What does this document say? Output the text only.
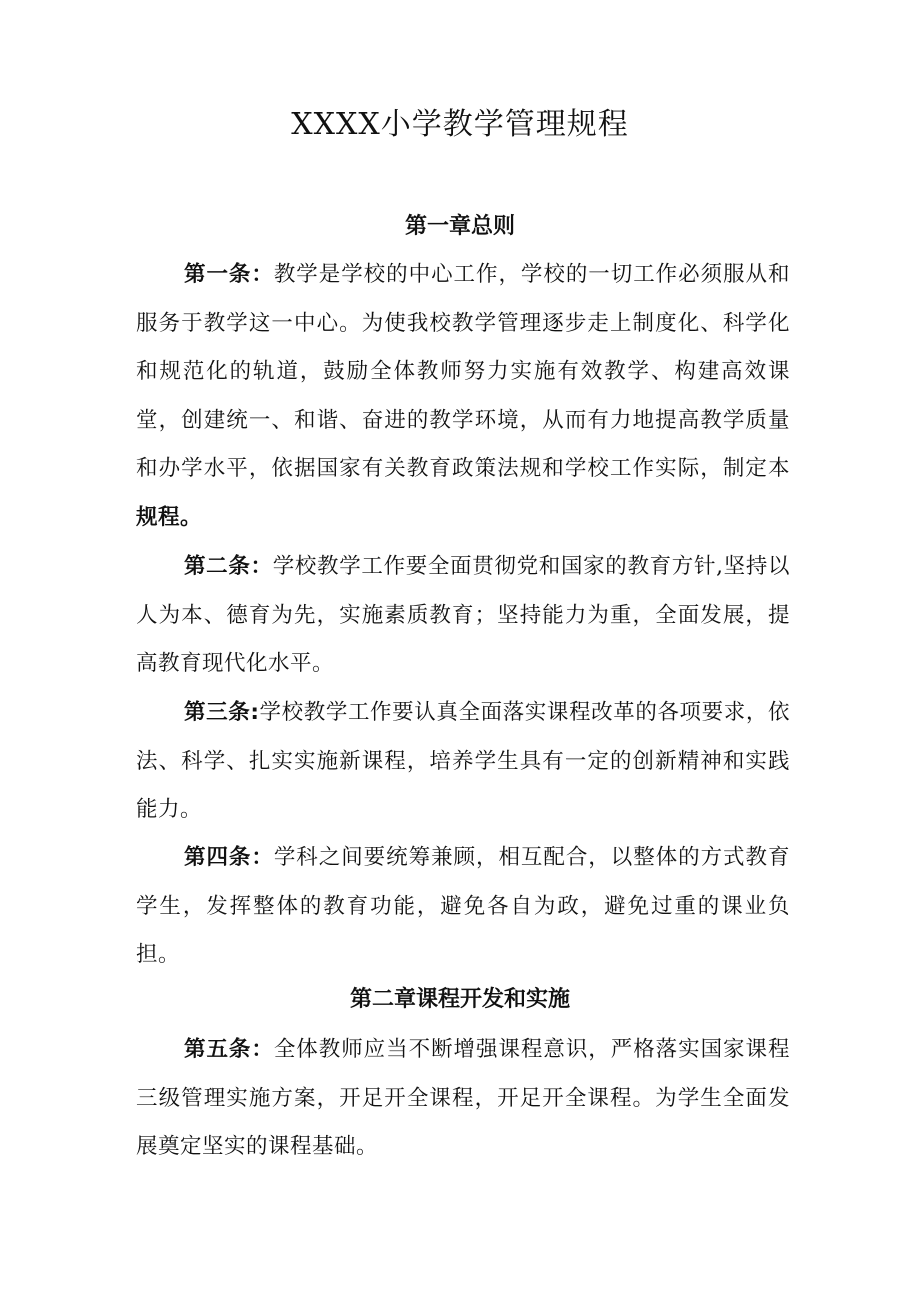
XXXX小学教学管理规程
第一章总则

第一条：教学是学校的中心工作，学校的一切工作必须服从和服务于教学这一中心。为使我校教学管理逐步走上制度化、科学化和规范化的轨道，鼓励全体教师努力实施有效教学、构建高效课堂，创建统一、和谐、奋进的教学环境，从而有力地提高教学质量和办学水平，依据国家有关教育政策法规和学校工作实际，制定本规程。

第二条：学校教学工作要全面贯彻党和国家的教育方针,坚持以人为本、德育为先，实施素质教育；坚持能力为重，全面发展，提高教育现代化水平。

第三条:学校教学工作要认真全面落实课程改革的各项要求，依法、科学、扎实实施新课程，培养学生具有一定的创新精神和实践能力。

第四条：学科之间要统筹兼顾，相互配合，以整体的方式教育学生，发挥整体的教育功能，避免各自为政，避免过重的课业负担。

第二章课程开发和实施

第五条：全体教师应当不断增强课程意识，严格落实国家课程三级管理实施方案，开足开全课程，开足开全课程。为学生全面发展奠定坚实的课程基础。
